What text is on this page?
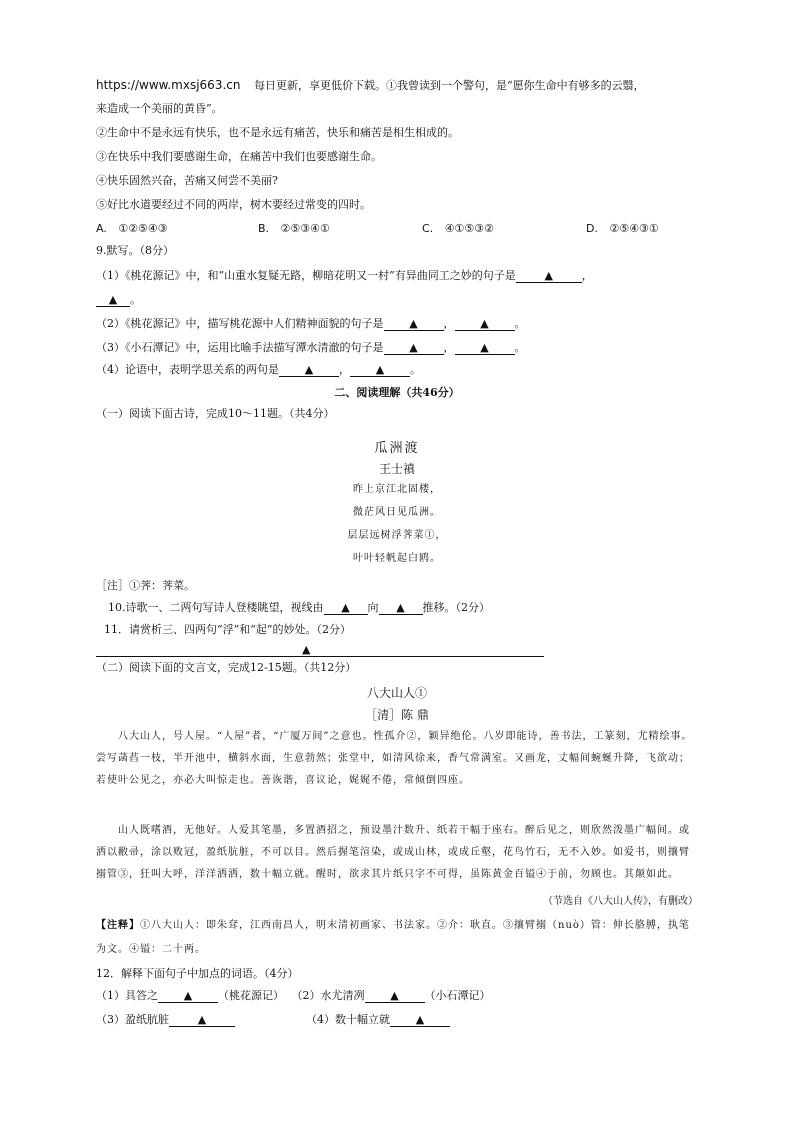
https://www.mxsj663.cn 每日更新，享更低价下载。①我曾读到一个警句，是“愿你生命中有够多的云翳，
来造成一个美丽的黄昏”。
②生命中不是永远有快乐，也不是永远有痛苦，快乐和痛苦是相生相成的。
③在快乐中我们要感谢生命，在痛苦中我们也要感谢生命。
④快乐固然兴奋，苦痛又何尝不美丽?
⑤好比水道要经过不同的两岸，树木要经过常变的四时。
A. ①②⑤④③	B. ②⑤③④①	C. ④①⑤③②	D. ②⑤④③①
9.默写。（8分）
（1）《桃花源记》中，和“山重水复疑无路，柳暗花明又一村”有异曲同工之妙的句子是	▲	，
▲ 。
（2）《桃花源记》中，描写桃花源中人们精神面貌的句子是 ▲ ， ▲ 。
（3）《小石潭记》中，运用比喻手法描写潭水清澈的句子是 ▲ ， ▲ 。
（4）论语中，表明学思关系的两句是 ▲ ， ▲ 。
二、阅读理解（共46分）
（一）阅读下面古诗，完成10～11题。（共4分）
瓜洲渡
王士禛
昨上京江北固楼，
微茫风日见瓜洲。
层层远树浮荠菜①，
叶叶轻帆起白鸥。
［注］①荠：荠菜。
10.诗歌一、二两句写诗人登楼眺望，视线由 ▲ 向 ▲ 推移。（2分）
11．请赏析三、四两句“浮”和“起”的妙处。（2分）
▲
（二）阅读下面的文言文，完成12-15题。（共12分）
八大山人①
［清］陈 鼎
八大山人，号人屋。“人屋”者，“广厦万间”之意也。性孤介②，颖异绝伦。八岁即能诗，善书法，工篆刻，尤精绘事。尝写菡萏一枝，半开池中，横斜水面，生意勃然；张堂中，如清风徐来，香气常满室。又画龙，丈幅间蜿蜒升降，飞欲动；若使叶公见之，亦必大叫惊走也。善诙谐，喜议论，娓娓不倦，常倾倒四座。
山人既嗜酒，无他好。人爱其笔墨，多置酒招之，预设墨汁数升、纸若干幅于座右。醉后见之，则欣然泼墨广幅间。或洒以敝帚，涂以败冠，盈纸肮脏，不可以目。然后握笔渲染，或成山林，或成丘壑，花鸟竹石，无不入妙。如爱书，则攘臂搦管③，狂叫大呼，洋洋洒洒，数十幅立就。醒时，欲求其片纸只字不可得，虽陈黄金百镒④于前，勿顾也。其颠如此。
（节选自《八大山人传》，有删改）
【注释】①八大山人：即朱耷，江西南昌人，明末清初画家、书法家。②介：耿直。③攘臂搦（nuò）管：伸长胳膊，执笔为文。④镒：二十两。
12．解释下面句子中加点的词语。（4分）
（1）具答之 ▲ （桃花源记） （2）水尤清冽 ▲ （小石潭记）
（3）盈纸肮脏	▲	（4）数十幅立就 ▲
